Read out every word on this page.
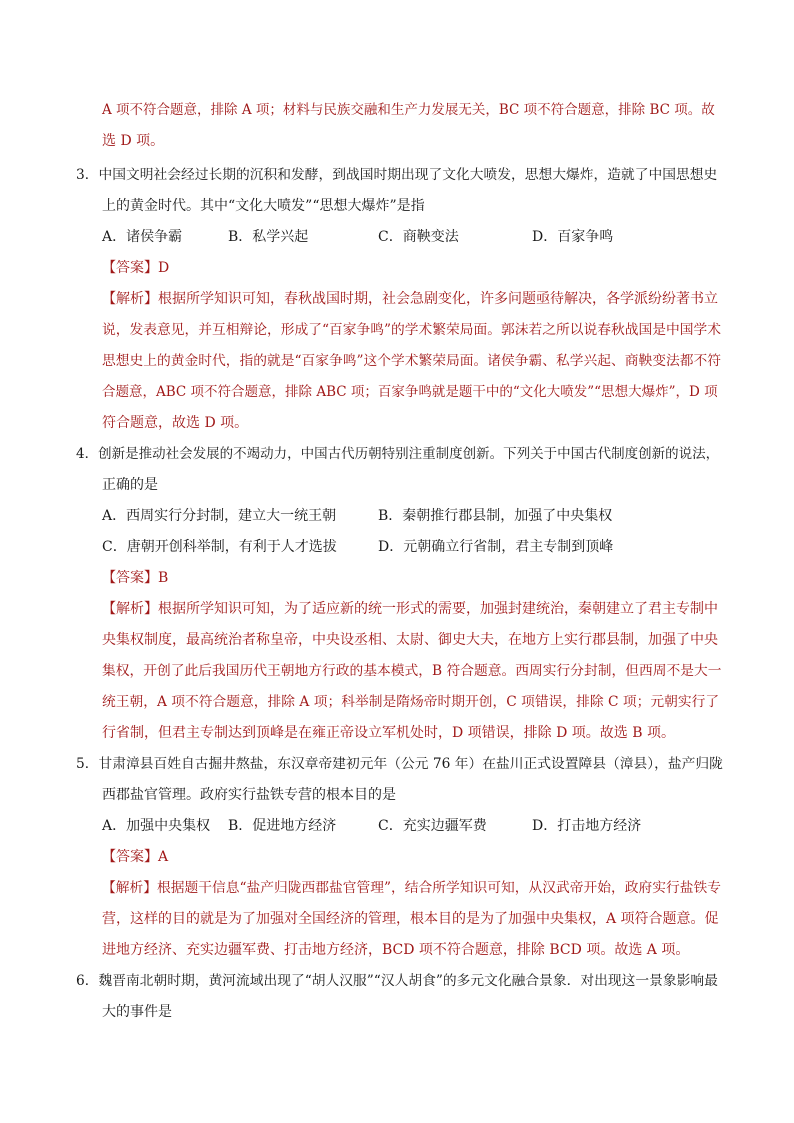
A 项不符合题意，排除 A 项；材料与民族交融和生产力发展无关，BC 项不符合题意，排除 BC 项。故
选 D 项。
3．中国文明社会经过长期的沉积和发酵，到战国时期出现了文化大喷发，思想大爆炸，造就了中国思想史
上的黄金时代。其中“文化大喷发”“思想大爆炸”是指
A．诸侯争霸	B．私学兴起	C．商鞅变法	D．百家争鸣
【答案】D
【解析】根据所学知识可知，春秋战国时期，社会急剧变化，许多问题亟待解决，各学派纷纷著书立
说，发表意见，并互相辩论，形成了“百家争鸣”的学术繁荣局面。郭沫若之所以说春秋战国是中国学术
思想史上的黄金时代，指的就是“百家争鸣”这个学术繁荣局面。诸侯争霸、私学兴起、商鞅变法都不符
合题意，ABC 项不符合题意，排除 ABC 项；百家争鸣就是题干中的“文化大喷发”“思想大爆炸”，D 项
符合题意，故选 D 项。
4．创新是推动社会发展的不竭动力，中国古代历朝特别注重制度创新。下列关于中国古代制度创新的说法，
正确的是
A．西周实行分封制，建立大一统王朝	B．秦朝推行郡县制，加强了中央集权
C．唐朝开创科举制，有利于人才选拔	D．元朝确立行省制，君主专制到顶峰
【答案】B
【解析】根据所学知识可知，为了适应新的统一形式的需要，加强封建统治，秦朝建立了君主专制中
央集权制度，最高统治者称皇帝，中央设丞相、太尉、御史大夫，在地方上实行郡县制，加强了中央
集权，开创了此后我国历代王朝地方行政的基本模式，B 符合题意。西周实行分封制，但西周不是大一
统王朝，A 项不符合题意，排除 A 项；科举制是隋炀帝时期开创，C 项错误，排除 C 项；元朝实行了
行省制，但君主专制达到顶峰是在雍正帝设立军机处时，D 项错误，排除 D 项。故选 B 项。
5．甘肃漳县百姓自古掘井熬盐，东汉章帝建初元年（公元 76 年）在盐川正式设置障县（漳县），盐产归陇
西郡盐官管理。政府实行盐铁专营的根本目的是
A．加强中央集权 B．促进地方经济	C．充实边疆军费	D．打击地方经济
【答案】A
【解析】根据题干信息“盐产归陇西郡盐官管理”，结合所学知识可知，从汉武帝开始，政府实行盐铁专
营，这样的目的就是为了加强对全国经济的管理，根本目的是为了加强中央集权，A 项符合题意。促
进地方经济、充实边疆军费、打击地方经济，BCD 项不符合题意，排除 BCD 项。故选 A 项。
6．魏晋南北朝时期，黄河流域出现了“胡人汉服”“汉人胡食”的多元文化融合景象．对出现这一景象影响最
大的事件是
